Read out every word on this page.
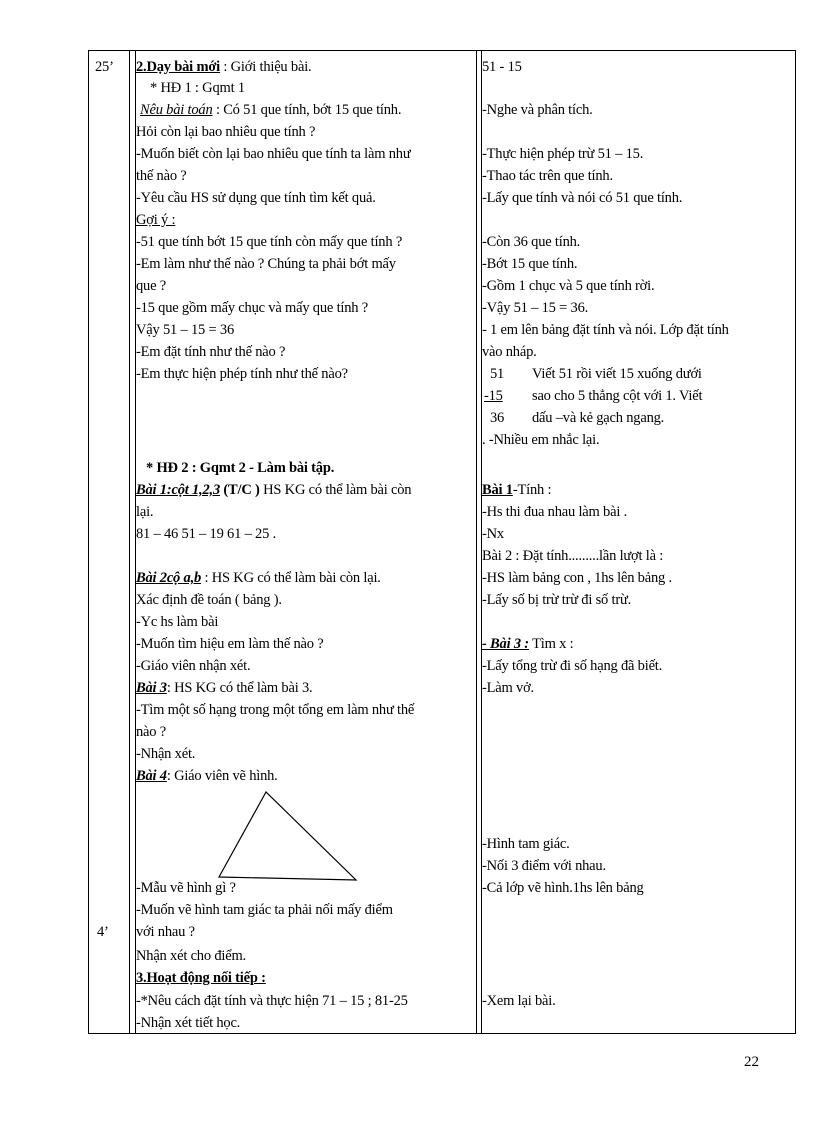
25’
4’
2.Dạy bài mới : Giới thiệu bài.
* HĐ 1 : Gqmt 1
Nêu bài toán : Có 51 que tính, bớt 15 que tính.
Hỏi còn lại bao nhiêu que tính ?
-Muốn biết còn lại bao nhiêu que tính ta làm như
thế nào ?
-Yêu cầu HS sử dụng que tính tìm kết quả.
Gợi ý :
-51 que tính bớt 15 que tính còn mấy que tính ?
-Em làm như thế nào ? Chúng ta phải bớt mấy
que ?
-15 que gồm mấy chục và mấy que tính ?
Vậy 51 – 15 = 36
-Em đặt tính như thế nào ?
-Em thực hiện phép tính như thế nào?
* HĐ 2 : Gqmt 2 - Làm bài tập.
Bài 1:cột 1,2,3 (T/C ) HS KG có thể làm bài còn
lại.
81 – 46 51 – 19 61 – 25 .
Bài 2cộ a,b : HS KG có thể làm bài còn lại.
Xác định đề toán ( bảng ).
-Yc hs làm bài
-Muốn tìm hiệu em làm thế nào ?
-Giáo viên nhận xét.
Bài 3: HS KG có thể làm bài 3.
-Tìm một số hạng trong một tổng em làm như thế
nào ?
-Nhận xét.
Bài 4: Giáo viên vẽ hình.
-Mẫu vẽ hình gì ?
-Muốn vẽ hình tam giác ta phải nối mấy điểm
với nhau ?
Nhận xét cho điểm.
3.Hoạt động nối tiếp :
-*Nêu cách đặt tính và thực hiện 71 – 15 ; 81-25
-Nhận xét tiết học.
51 - 15
-Nghe và phân tích.
-Thực hiện phép trừ 51 – 15.
-Thao tác trên que tính.
-Lấy que tính và nói có 51 que tính.
-Còn 36 que tính.
-Bớt 15 que tính.
-Gồm 1 chục và 5 que tính rời.
-Vậy 51 – 15 = 36.
- 1 em lên bảng đặt tính và nói. Lớp đặt tính
vào nháp.
51 Viết 51 rồi viết 15 xuống dưới
-15 sao cho 5 thẳng cột với 1. Viết
36 dấu –và kẻ gạch ngang.
. -Nhiều em nhắc lại.
Bài 1-Tính :
-Hs thi đua nhau làm bài .
-Nx
Bài 2 : Đặt tính.........lần lượt là :
-HS làm bảng con , 1hs lên bảng .
-Lấy số bị trừ trừ đi số trừ.
- Bài 3 : Tìm x :
-Lấy tổng trừ đi số hạng đã biết.
-Làm vở.
-Hình tam giác.
-Nối 3 điểm với nhau.
-Cả lớp vẽ hình.1hs lên bảng
-Xem lại bài.
22
